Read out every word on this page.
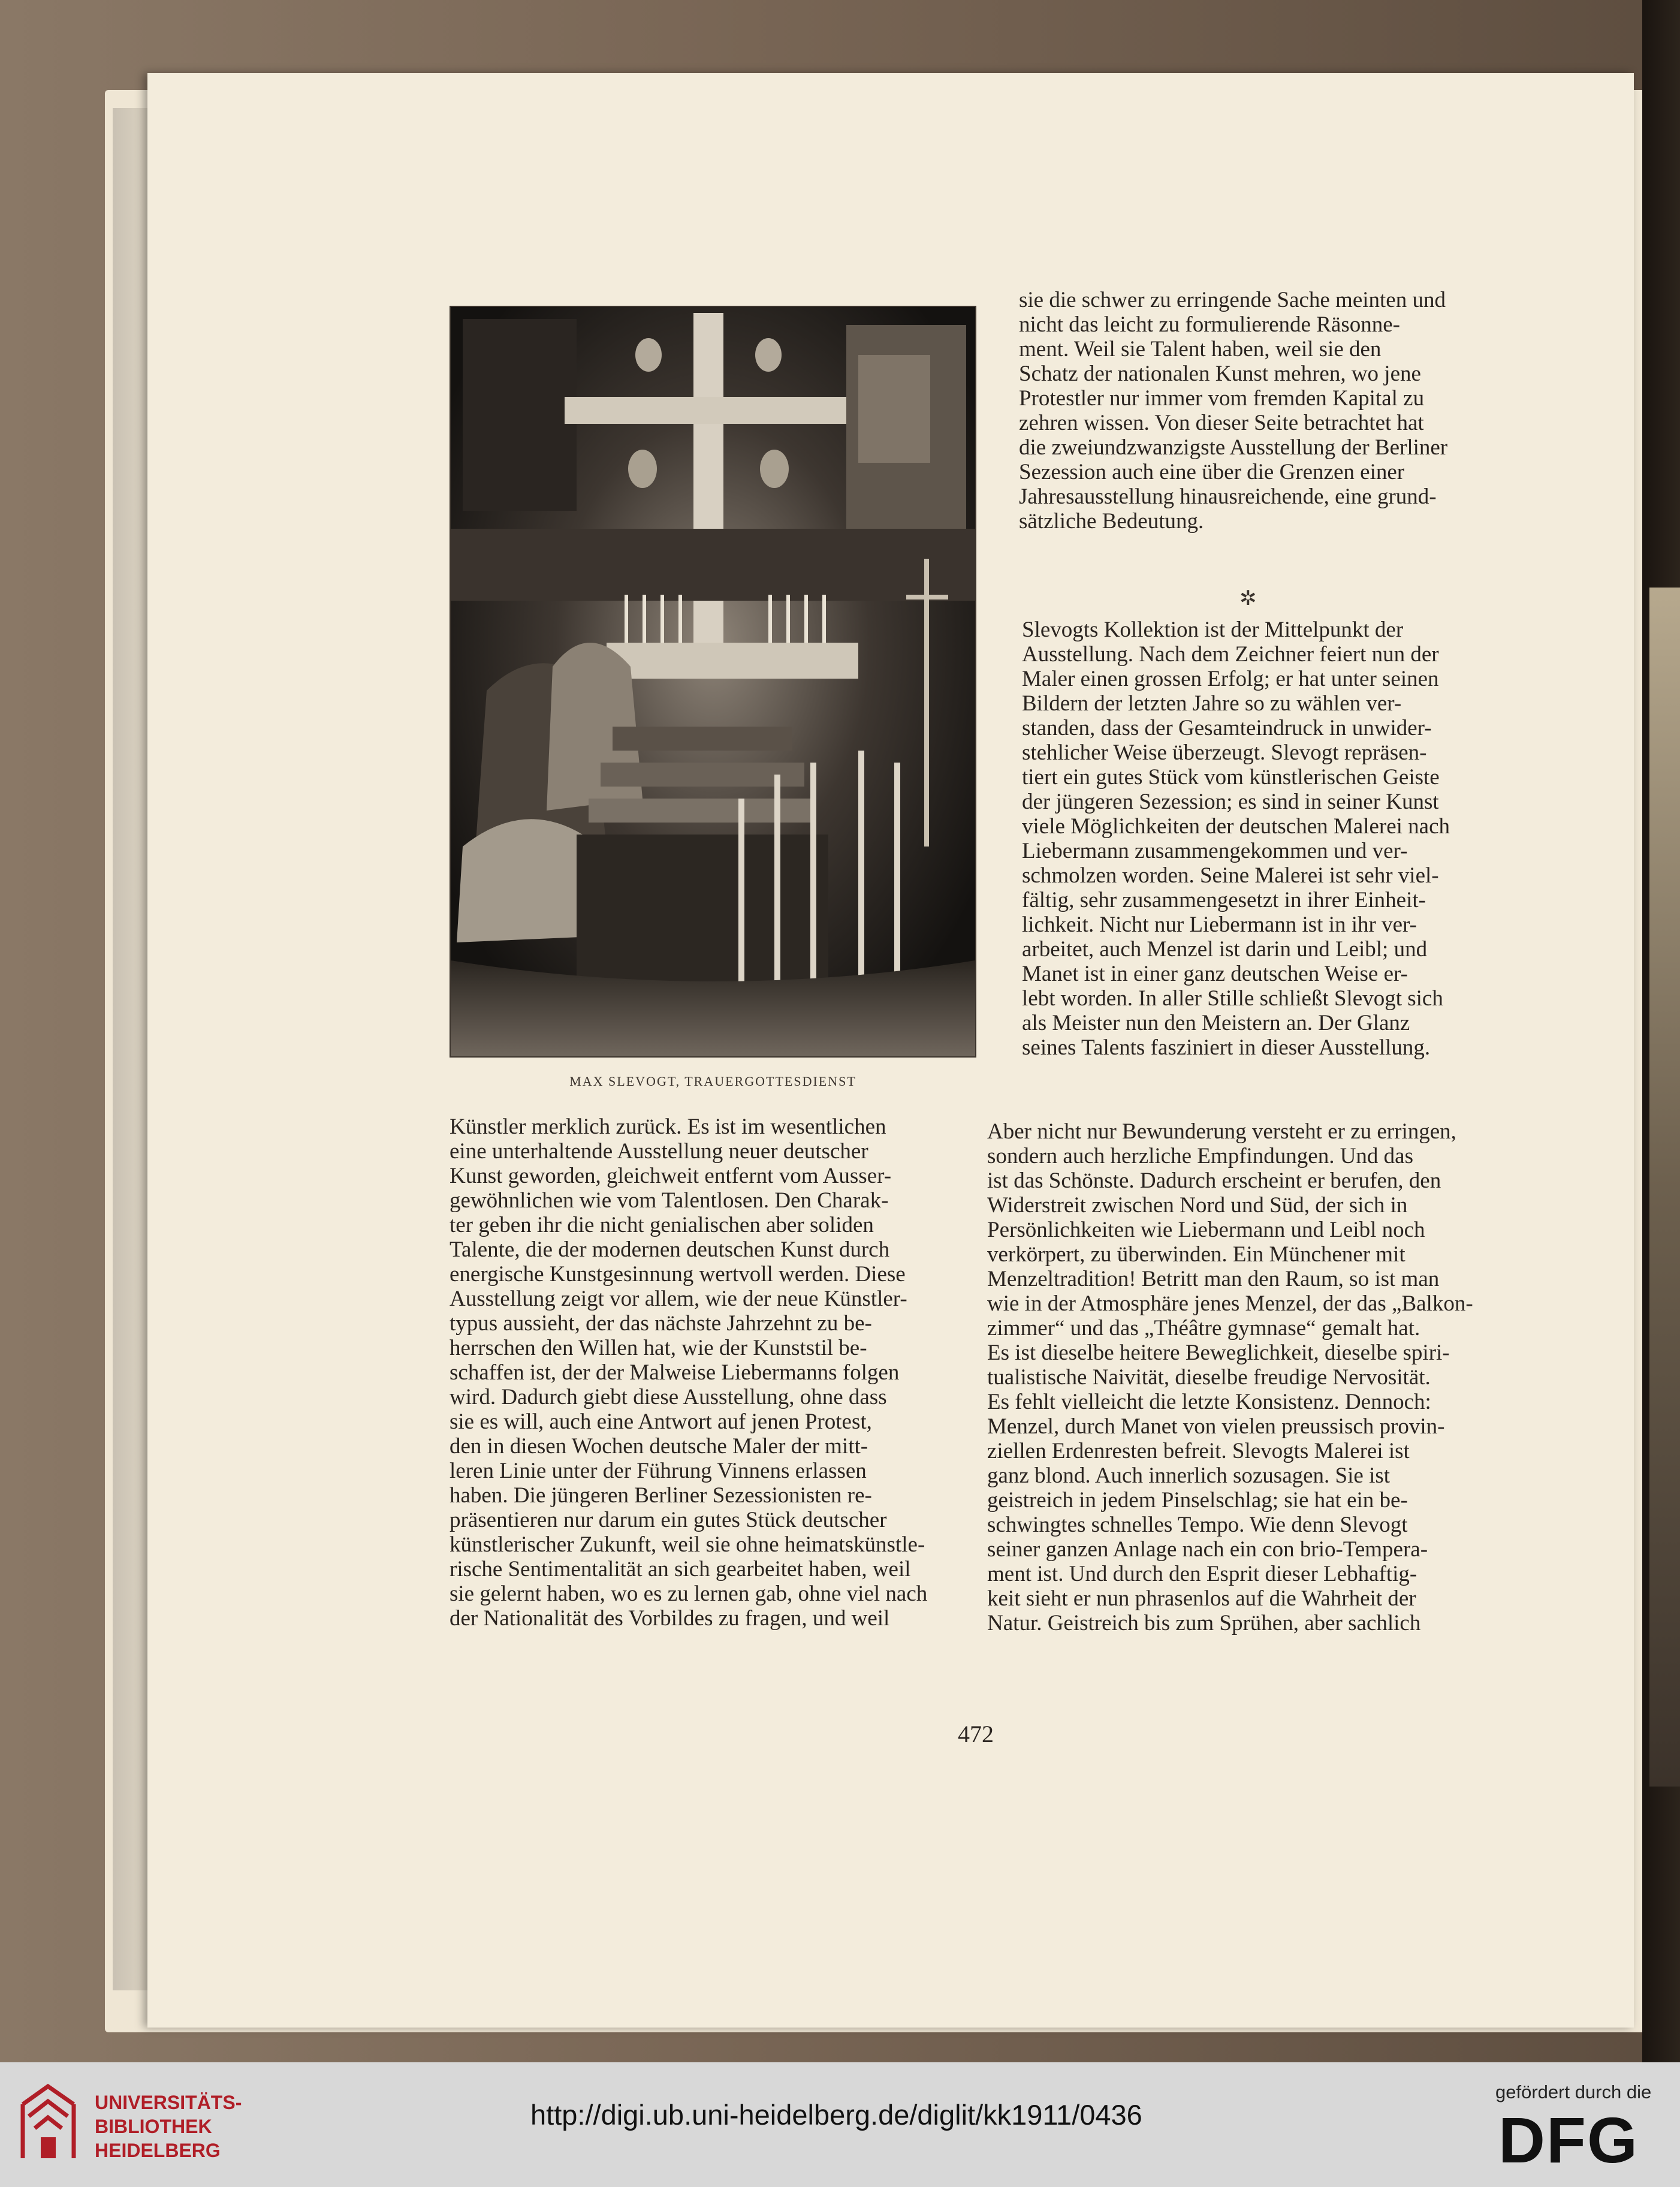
MAX SLEVOGT, TRAUERGOTTESDIENST

Künstler merklich zurück. Es ist im wesentlichen
eine unterhaltende Ausstellung neuer deutscher
Kunst geworden, gleichweit entfernt vom Ausser-
gewöhnlichen wie vom Talentlosen. Den Charak-
ter geben ihr die nicht genialischen aber soliden
Talente, die der modernen deutschen Kunst durch
energische Kunstgesinnung wertvoll werden. Diese
Ausstellung zeigt vor allem, wie der neue Künstler-
typus aussieht, der das nächste Jahrzehnt zu be-
herrschen den Willen hat, wie der Kunststil be-
schaffen ist, der der Malweise Liebermanns folgen
wird. Dadurch giebt diese Ausstellung, ohne dass
sie es will, auch eine Antwort auf jenen Protest,
den in diesen Wochen deutsche Maler der mitt-
leren Linie unter der Führung Vinnens erlassen
haben. Die jüngeren Berliner Sezessionisten re-
präsentieren nur darum ein gutes Stück deutscher
künstlerischer Zukunft, weil sie ohne heimatskünstle-
rische Sentimentalität an sich gearbeitet haben, weil
sie gelernt haben, wo es zu lernen gab, ohne viel nach
der Nationalität des Vorbildes zu fragen, und weil

sie die schwer zu erringende Sache meinten und
nicht das leicht zu formulierende Räsonne-
ment. Weil sie Talent haben, weil sie den
Schatz der nationalen Kunst mehren, wo jene
Protestler nur immer vom fremden Kapital zu
zehren wissen. Von dieser Seite betrachtet hat
die zweiundzwanzigste Ausstellung der Berliner
Sezession auch eine über die Grenzen einer
Jahresausstellung hinausreichende, eine grund-
sätzliche Bedeutung.

✲

Slevogts Kollektion ist der Mittelpunkt der
Ausstellung. Nach dem Zeichner feiert nun der
Maler einen grossen Erfolg; er hat unter seinen
Bildern der letzten Jahre so zu wählen ver-
standen, dass der Gesamteindruck in unwider-
stehlicher Weise überzeugt. Slevogt repräsen-
tiert ein gutes Stück vom künstlerischen Geiste
der jüngeren Sezession; es sind in seiner Kunst
viele Möglichkeiten der deutschen Malerei nach
Liebermann zusammengekommen und ver-
schmolzen worden. Seine Malerei ist sehr viel-
fältig, sehr zusammengesetzt in ihrer Einheit-
lichkeit. Nicht nur Liebermann ist in ihr ver-
arbeitet, auch Menzel ist darin und Leibl; und
Manet ist in einer ganz deutschen Weise er-
lebt worden. In aller Stille schließt Slevogt sich
als Meister nun den Meistern an. Der Glanz
seines Talents fasziniert in dieser Ausstellung.

Aber nicht nur Bewunderung versteht er zu erringen,
sondern auch herzliche Empfindungen. Und das
ist das Schönste. Dadurch erscheint er berufen, den
Widerstreit zwischen Nord und Süd, der sich in
Persönlichkeiten wie Liebermann und Leibl noch
verkörpert, zu überwinden. Ein Münchener mit
Menzeltradition! Betritt man den Raum, so ist man
wie in der Atmosphäre jenes Menzel, der das „Balkon-
zimmer“ und das „Théâtre gymnase“ gemalt hat.
Es ist dieselbe heitere Beweglichkeit, dieselbe spiri-
tualistische Naivität, dieselbe freudige Nervosität.
Es fehlt vielleicht die letzte Konsistenz. Dennoch:
Menzel, durch Manet von vielen preussisch provin-
ziellen Erdenresten befreit. Slevogts Malerei ist
ganz blond. Auch innerlich sozusagen. Sie ist
geistreich in jedem Pinselschlag; sie hat ein be-
schwingtes schnelles Tempo. Wie denn Slevogt
seiner ganzen Anlage nach ein con brio-Tempera-
ment ist. Und durch den Esprit dieser Lebhaftig-
keit sieht er nun phrasenlos auf die Wahrheit der
Natur. Geistreich bis zum Sprühen, aber sachlich

472
UNIVERSITÄTS-
BIBLIOTHEK
HEIDELBERG
http://digi.ub.uni-heidelberg.de/diglit/kk1911/0436
gefördert durch die
DFG
